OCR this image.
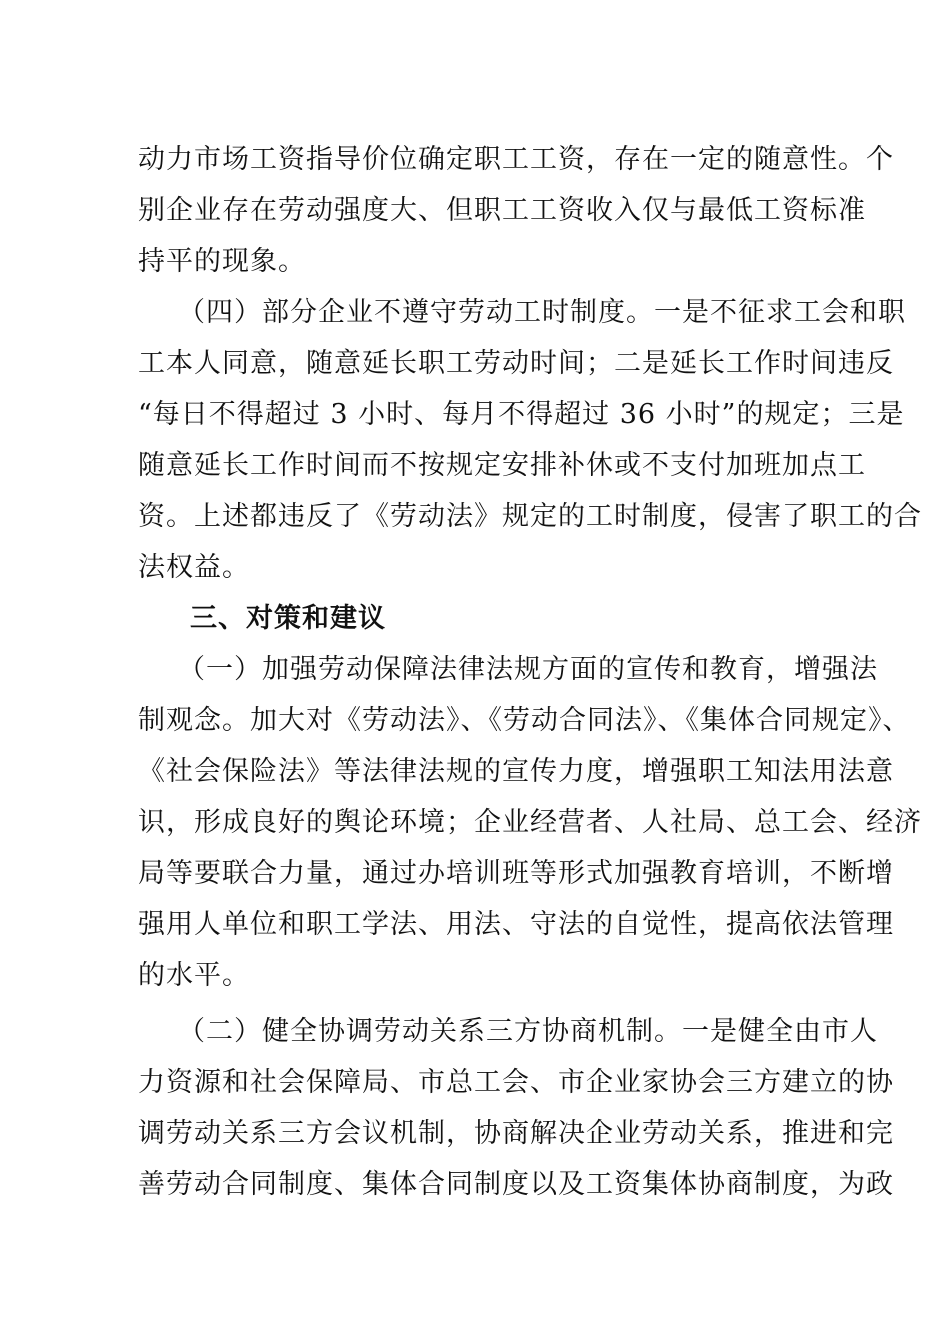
动力市场工资指导价位确定职工工资，存在一定的随意性。个
别企业存在劳动强度大、但职工工资收入仅与最低工资标准
持平的现象。
（四）部分企业不遵守劳动工时制度。一是不征求工会和职
工本人同意，随意延长职工劳动时间；二是延长工作时间违反
“每日不得超过 3 小时、每月不得超过 36 小时”的规定；三是
随意延长工作时间而不按规定安排补休或不支付加班加点工
资。上述都违反了《劳动法》规定的工时制度，侵害了职工的合
法权益。
三、对策和建议
（一）加强劳动保障法律法规方面的宣传和教育，增强法
制观念。加大对《劳动法》、《劳动合同法》、《集体合同规定》、
《社会保险法》等法律法规的宣传力度，增强职工知法用法意
识，形成良好的舆论环境；企业经营者、人社局、总工会、经济
局等要联合力量，通过办培训班等形式加强教育培训，不断增
强用人单位和职工学法、用法、守法的自觉性，提高依法管理
的水平。
（二）健全协调劳动关系三方协商机制。一是健全由市人
力资源和社会保障局、市总工会、市企业家协会三方建立的协
调劳动关系三方会议机制，协商解决企业劳动关系，推进和完
善劳动合同制度、集体合同制度以及工资集体协商制度，为政
